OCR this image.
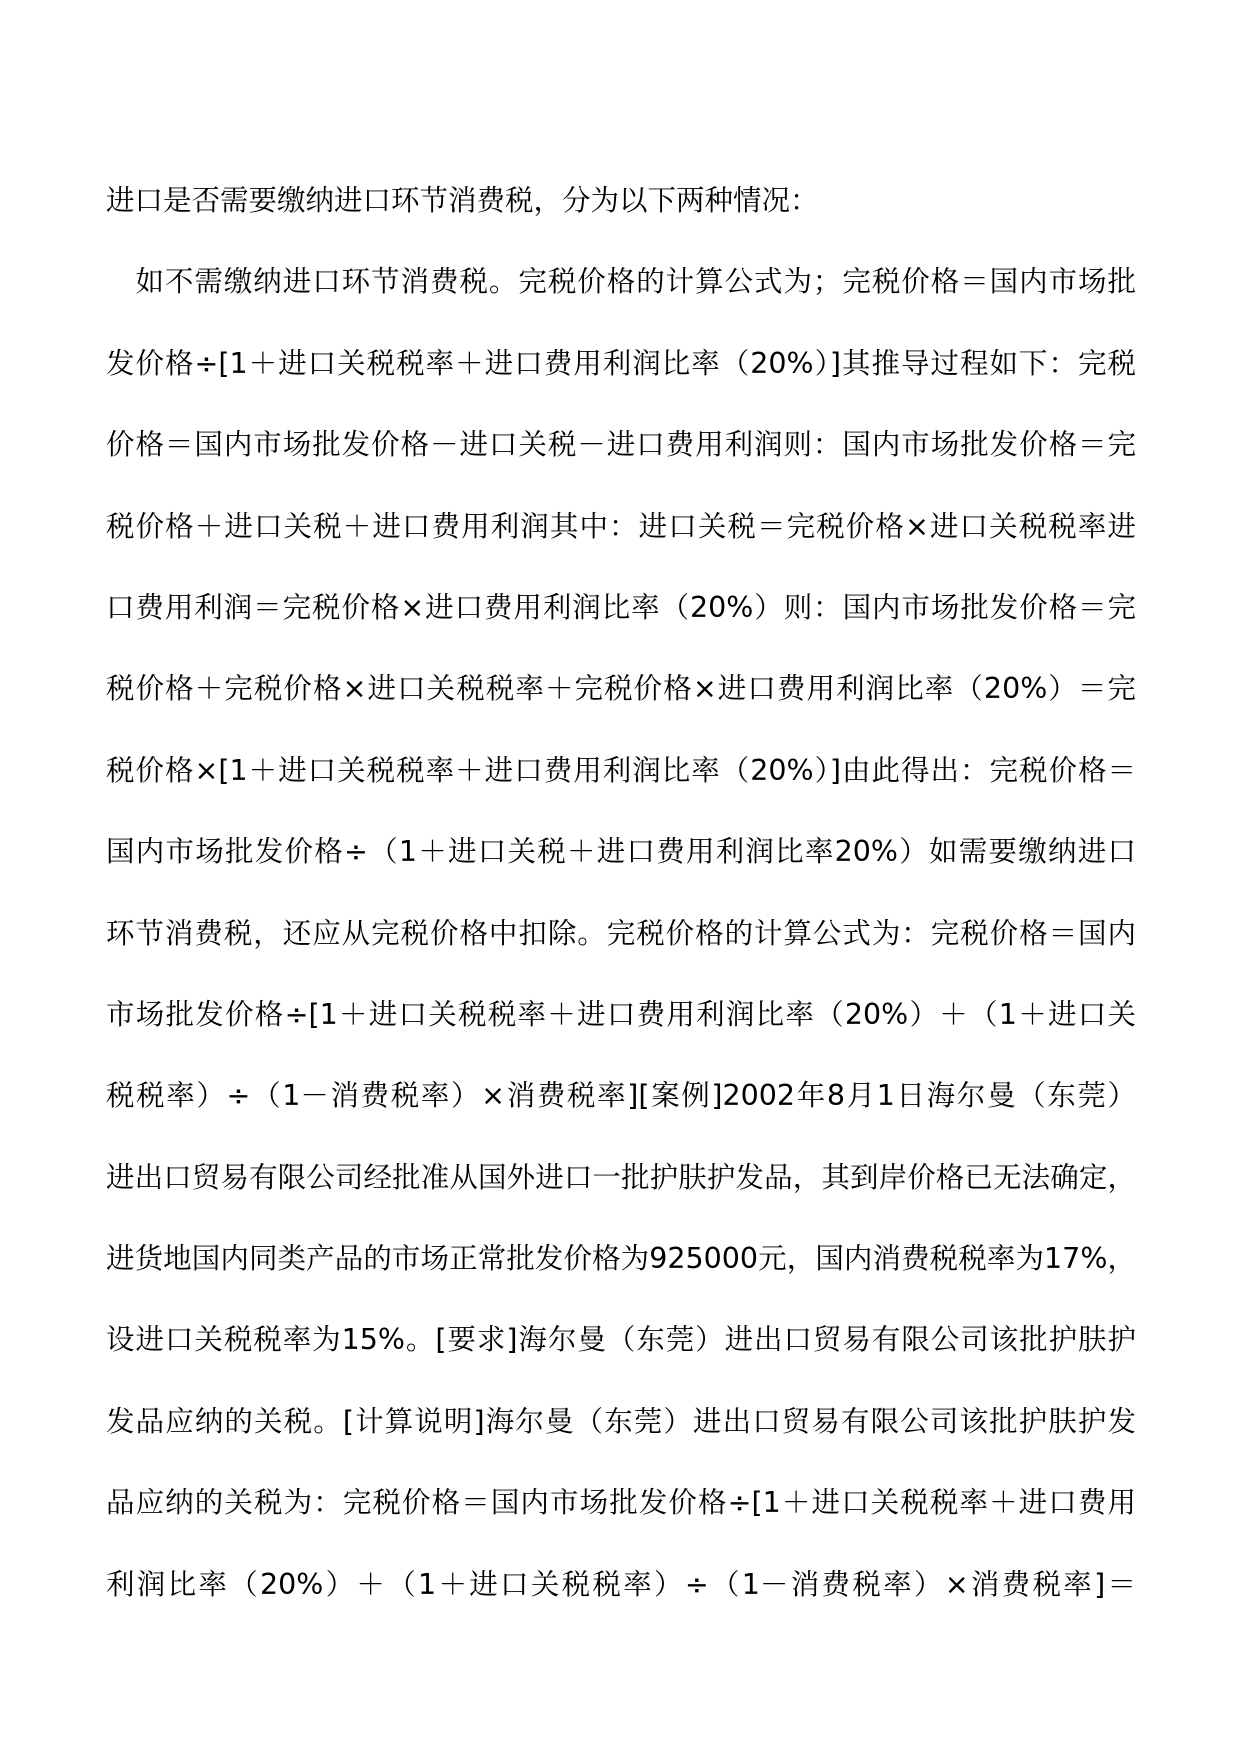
进口是否需要缴纳进口环节消费税，分为以下两种情况：
　如不需缴纳进口环节消费税。完税价格的计算公式为；完税价格＝国内市场批
发价格÷[1＋进口关税税率＋进口费用利润比率（20%）]其推导过程如下：完税
价格＝国内市场批发价格－进口关税－进口费用利润则：国内市场批发价格＝完
税价格＋进口关税＋进口费用利润其中：进口关税＝完税价格×进口关税税率进
口费用利润＝完税价格×进口费用利润比率（20%）则：国内市场批发价格＝完
税价格＋完税价格×进口关税税率＋完税价格×进口费用利润比率（20%）＝完
税价格×[1＋进口关税税率＋进口费用利润比率（20%）]由此得出：完税价格＝
国内市场批发价格÷（1＋进口关税＋进口费用利润比率20%）如需要缴纳进口
环节消费税，还应从完税价格中扣除。完税价格的计算公式为：完税价格＝国内
市场批发价格÷[1＋进口关税税率＋进口费用利润比率（20%）＋（1＋进口关
税税率）÷（1－消费税率）×消费税率][案例]2002年8月1日海尔曼（东莞）
进出口贸易有限公司经批准从国外进口一批护肤护发品，其到岸价格已无法确定，
进货地国内同类产品的市场正常批发价格为925000元，国内消费税税率为17%，
设进口关税税率为15%。[要求]海尔曼（东莞）进出口贸易有限公司该批护肤护
发品应纳的关税。[计算说明]海尔曼（东莞）进出口贸易有限公司该批护肤护发
品应纳的关税为：完税价格＝国内市场批发价格÷[1＋进口关税税率＋进口费用
利润比率（20%）＋（1＋进口关税税率）÷（1－消费税率）×消费税率]＝
